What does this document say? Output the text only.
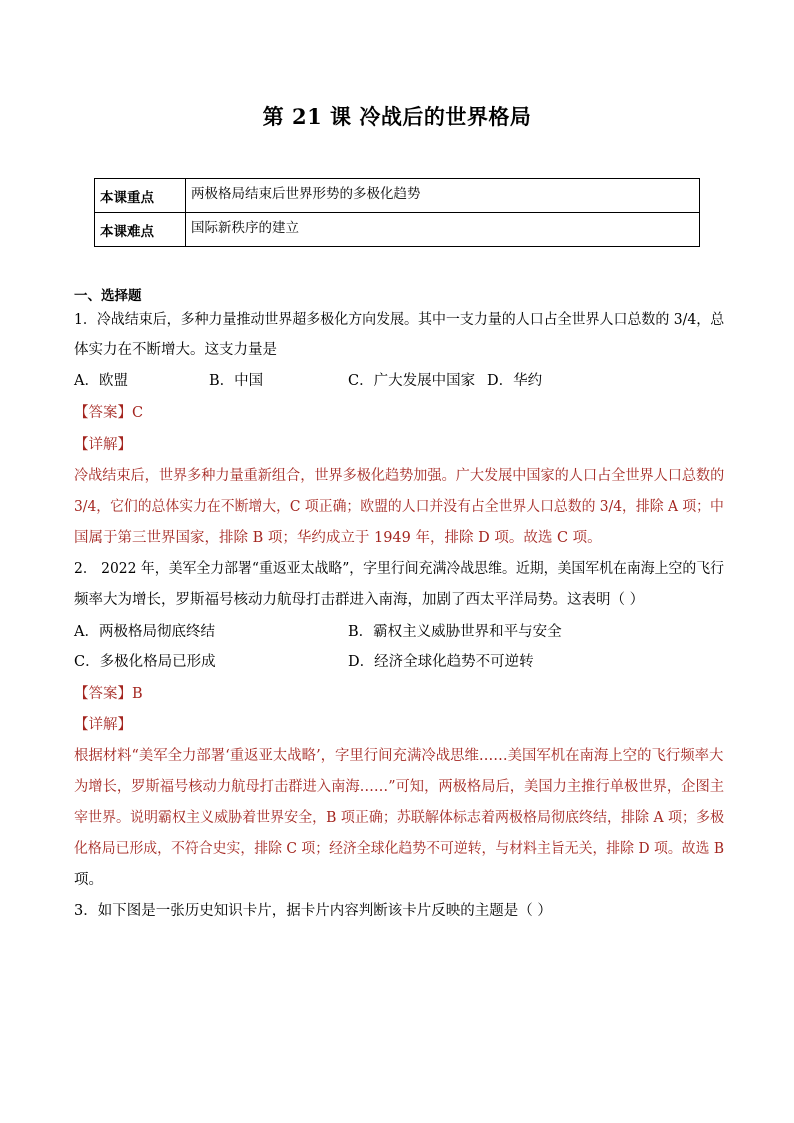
第 21 课 冷战后的世界格局
本课重点	两极格局结束后世界形势的多极化趋势
本课难点	国际新秩序的建立
一、选择题
1．冷战结束后，多种力量推动世界超多极化方向发展。其中一支力量的人口占全世界人口总数的 3/4，总
体实力在不断增大。这支力量是
A．欧盟	B．中国	C．广大发展中国家 D．华约
【答案】C
【详解】
冷战结束后，世界多种力量重新组合，世界多极化趋势加强。广大发展中国家的人口占全世界人口总数的
3/4，它们的总体实力在不断增大，C 项正确；欧盟的人口并没有占全世界人口总数的 3/4，排除 A 项；中
国属于第三世界国家，排除 B 项；华约成立于 1949 年，排除 D 项。故选 C 项。
2． 2022 年，美军全力部署“重返亚太战略”，字里行间充满冷战思维。近期，美国军机在南海上空的飞行
频率大为增长，罗斯福号核动力航母打击群进入南海，加剧了西太平洋局势。这表明（ ）
A．两极格局彻底终结	B．霸权主义威胁世界和平与安全
C．多极化格局已形成	D．经济全球化趋势不可逆转
【答案】B
【详解】
根据材料“美军全力部署‘重返亚太战略’，字里行间充满冷战思维……美国军机在南海上空的飞行频率大
为增长，罗斯福号核动力航母打击群进入南海……”可知，两极格局后，美国力主推行单极世界，企图主
宰世界。说明霸权主义威胁着世界安全，B 项正确；苏联解体标志着两极格局彻底终结，排除 A 项；多极
化格局已形成，不符合史实，排除 C 项；经济全球化趋势不可逆转，与材料主旨无关，排除 D 项。故选 B
项。
3．如下图是一张历史知识卡片，据卡片内容判断该卡片反映的主题是（ ）
